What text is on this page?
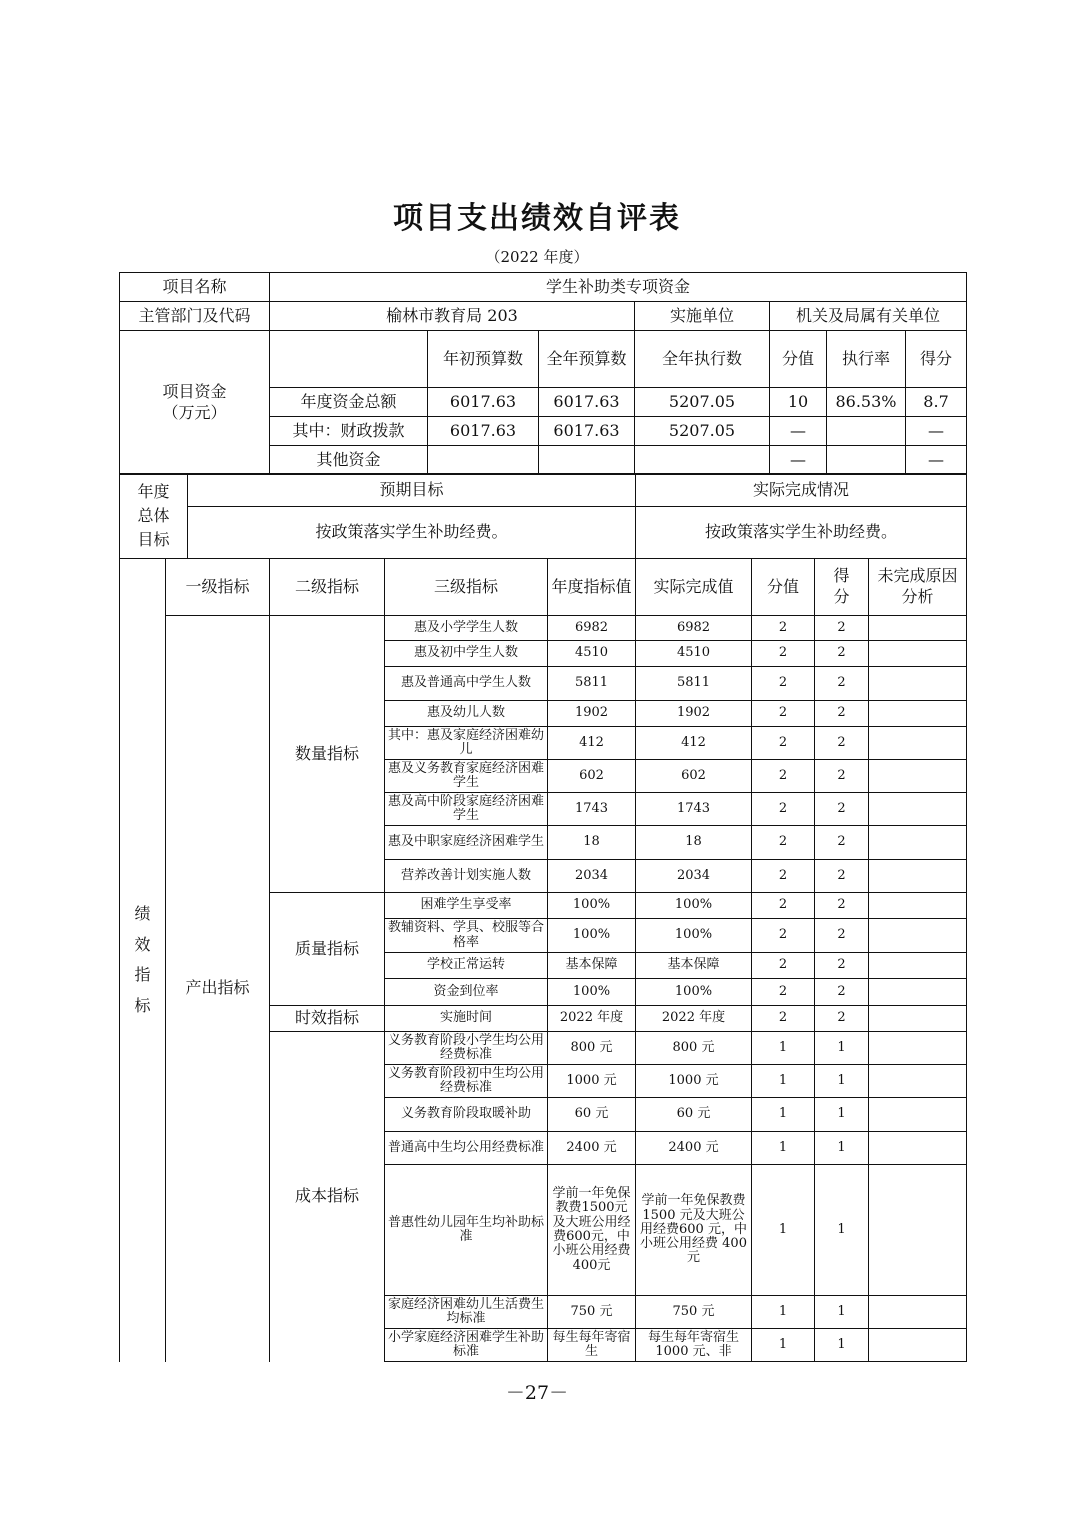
项目支出绩效自评表
（2022 年度）
项目名称	学生补助类专项资金						
主管部门及代码	榆林市教育局 203			实施单位	机关及局属有关单位		

项目资金
（万元）		年初预算数	全年预算数	全年执行数	分值	执行率	得分
	年度资金总额	6017.63	6017.63	5207.05	10	86.53%	8.7
	其中：财政拨款	6017.63	6017.63	5207.05	—		—
	其他资金				—		—
年度总体目标	预期目标	实际完成情况
	按政策落实学生补助经费。	按政策落实学生补助经费。
绩效指标	一级指标	二级指标	三级指标	年度指标值	实际完成值	分值	得分	未完成原因分析
	产出指标	数量指标	惠及小学学生人数	6982	6982	2	2	
			惠及初中学生人数	4510	4510	2	2	
			惠及普通高中学生人数	5811	5811	2	2	
			惠及幼儿人数	1902	1902	2	2	
			其中：惠及家庭经济困难幼儿	412	412	2	2	
			惠及义务教育家庭经济困难学生	602	602	2	2	
			惠及高中阶段家庭经济困难学生	1743	1743	2	2	
			惠及中职家庭经济困难学生	18	18	2	2	
			营养改善计划实施人数	2034	2034	2	2	
		质量指标	困难学生享受率	100%	100%	2	2	
			教辅资料、学具、校服等合格率	100%	100%	2	2	
			学校正常运转	基本保障	基本保障	2	2	
			资金到位率	100%	100%	2	2	
		时效指标	实施时间	2022 年度	2022 年度	2	2	
		成本指标	义务教育阶段小学生均公用经费标准	800 元	800 元	1	1	
			义务教育阶段初中生均公用经费标准	1000 元	1000 元	1	1	
			义务教育阶段取暖补助	60 元	60 元	1	1	
			普通高中生均公用经费标准	2400 元	2400 元	1	1	
			普惠性幼儿园年生均补助标准	学前一年免保教费1500元及大班公用经费600元，中小班公用经费400元	学前一年免保教费 1500 元及大班公用经费600 元，中小班公用经费 400 元	1	1	
			家庭经济困难幼儿生活费生均标准	750 元	750 元	1	1	
			小学家庭经济困难学生补助标准	每生每年寄宿生	每生每年寄宿生 1000 元、非	1	1	
－27－
